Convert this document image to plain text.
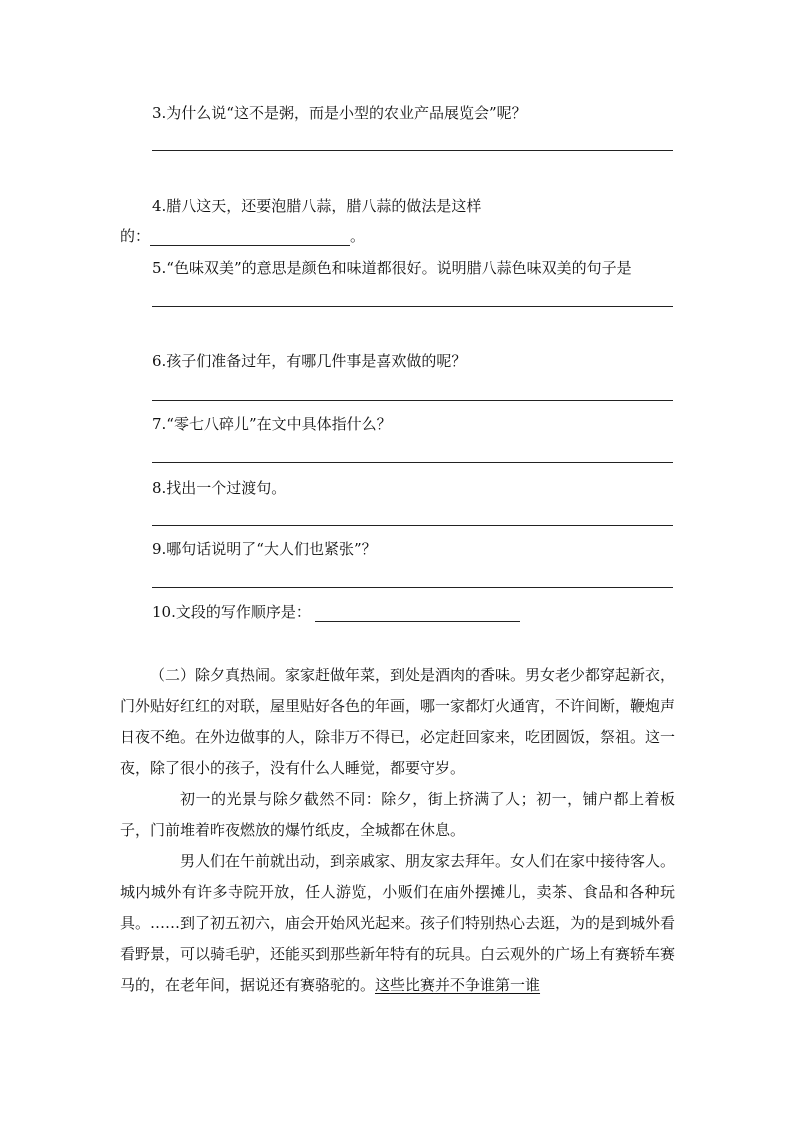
3.为什么说“这不是粥，而是小型的农业产品展览会”呢？
4.腊八这天，还要泡腊八蒜，腊八蒜的做法是这样
的：	。
5.“色味双美”的意思是颜色和味道都很好。说明腊八蒜色味双美的句子是
6.孩子们准备过年，有哪几件事是喜欢做的呢？
7.“零七八碎儿”在文中具体指什么？
8.找出一个过渡句。
9.哪句话说明了“大人们也紧张”？
10.文段的写作顺序是：

（二）除夕真热闹。家家赶做年菜，到处是酒肉的香味。男女老少都穿起新衣，门外贴好红红的对联，屋里贴好各色的年画，哪一家都灯火通宵，不许间断，鞭炮声日夜不绝。在外边做事的人，除非万不得已，必定赶回家来，吃团圆饭，祭祖。这一夜，除了很小的孩子，没有什么人睡觉，都要守岁。

初一的光景与除夕截然不同：除夕，街上挤满了人；初一，铺户都上着板子，门前堆着昨夜燃放的爆竹纸皮，全城都在休息。

男人们在午前就出动，到亲戚家、朋友家去拜年。女人们在家中接待客人。城内城外有许多寺院开放，任人游览，小贩们在庙外摆摊儿，卖茶、食品和各种玩具。……到了初五初六，庙会开始风光起来。孩子们特别热心去逛，为的是到城外看看野景，可以骑毛驴，还能买到那些新年特有的玩具。白云观外的广场上有赛轿车赛马的，在老年间，据说还有赛骆驼的。这些比赛并不争谁第一谁
